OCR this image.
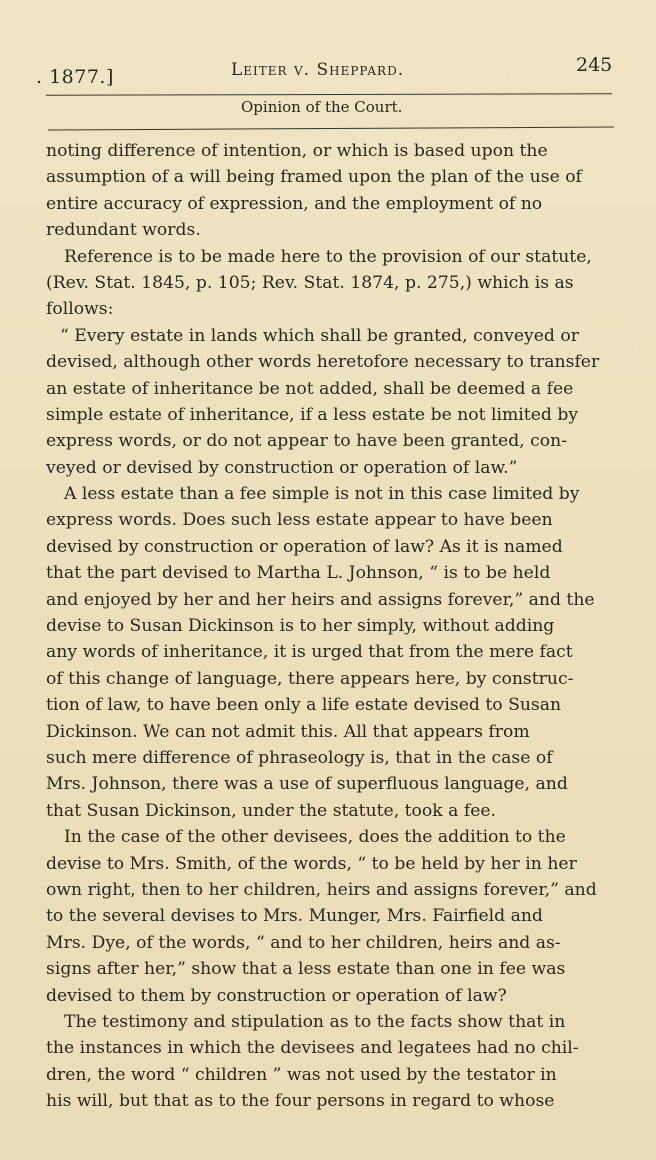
. 1877.]	Leiter v. Sheppard.	245
Opinion of the Court.
noting difference of intention, or which is based upon the
assumption of a will being framed upon the plan of the use of
entire accuracy of expression, and the employment of no
redundant words.
Reference is to be made here to the provision of our statute,
(Rev. Stat. 1845, p. 105; Rev. Stat. 1874, p. 275,) which is as
follows:
“ Every estate in lands which shall be granted, conveyed or
devised, although other words heretofore necessary to transfer
an estate of inheritance be not added, shall be deemed a fee
simple estate of inheritance, if a less estate be not limited by
express words, or do not appear to have been granted, con-
veyed or devised by construction or operation of law.”
A less estate than a fee simple is not in this case limited by
express words. Does such less estate appear to have been
devised by construction or operation of law? As it is named
that the part devised to Martha L. Johnson, “ is to be held
and enjoyed by her and her heirs and assigns forever,” and the
devise to Susan Dickinson is to her simply, without adding
any words of inheritance, it is urged that from the mere fact
of this change of language, there appears here, by construc-
tion of law, to have been only a life estate devised to Susan
Dickinson. We can not admit this. All that appears from
such mere difference of phraseology is, that in the case of
Mrs. Johnson, there was a use of superfluous language, and
that Susan Dickinson, under the statute, took a fee.
In the case of the other devisees, does the addition to the
devise to Mrs. Smith, of the words, “ to be held by her in her
own right, then to her children, heirs and assigns forever,” and
to the several devises to Mrs. Munger, Mrs. Fairfield and
Mrs. Dye, of the words, “ and to her children, heirs and as-
signs after her,” show that a less estate than one in fee was
devised to them by construction or operation of law?
The testimony and stipulation as to the facts show that in
the instances in which the devisees and legatees had no chil-
dren, the word “ children ” was not used by the testator in
his will, but that as to the four persons in regard to whose
